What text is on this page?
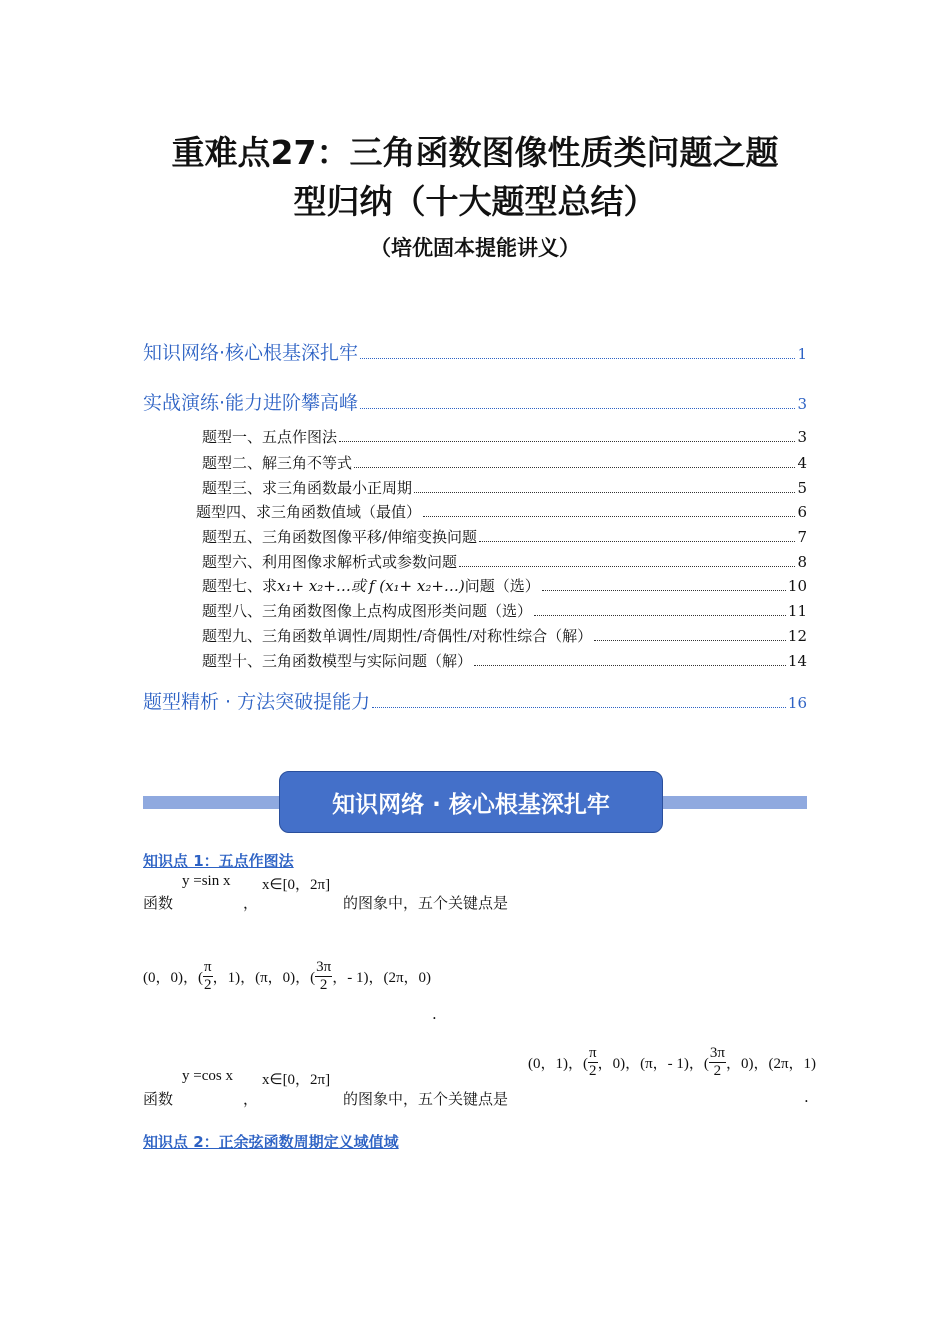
重难点27：三角函数图像性质类问题之题
型归纳（十大题型总结）
（培优固本提能讲义）
知识网络·核心根基深扎牢	1
实战演练·能力进阶攀高峰	3
题型一、五点作图法	3
题型二、解三角不等式	4
题型三、求三角函数最小正周期	5
题型四、求三角函数值域（最值）	6
题型五、三角函数图像平移/伸缩变换问题	7
题型六、利用图像求解析式或参数问题	8
题型七、求 x₁+ x₂+… 或 f (x₁+ x₂+…) 问题（选）	10
题型八、三角函数图像上点构成图形类问题（选）	11
题型九、三角函数单调性/周期性/奇偶性/对称性综合（解）	12
题型十、三角函数模型与实际问题（解）	14
题型精析 · 方法突破提能力	16
知识网络 · 核心根基深扎牢
知识点 1：五点作图法
y =sin x x∈[0，2π]
函数	，	的图象中，五个关键点是
(0，0)，( $\frac{\pi}{2}$ ，1)，(π，0)，( $\frac{3\pi}{2}$ ，- 1)，(2π，0)
.
y =cos x x∈[0，2π]
函数	，	的图象中，五个关键点是
(0，1)，( $\frac{\pi}{2}$ ，0)，(π，- 1)，( $\frac{3\pi}{2}$ ，0)，(2π，1)
.
知识点 2：正余弦函数周期定义域值域
